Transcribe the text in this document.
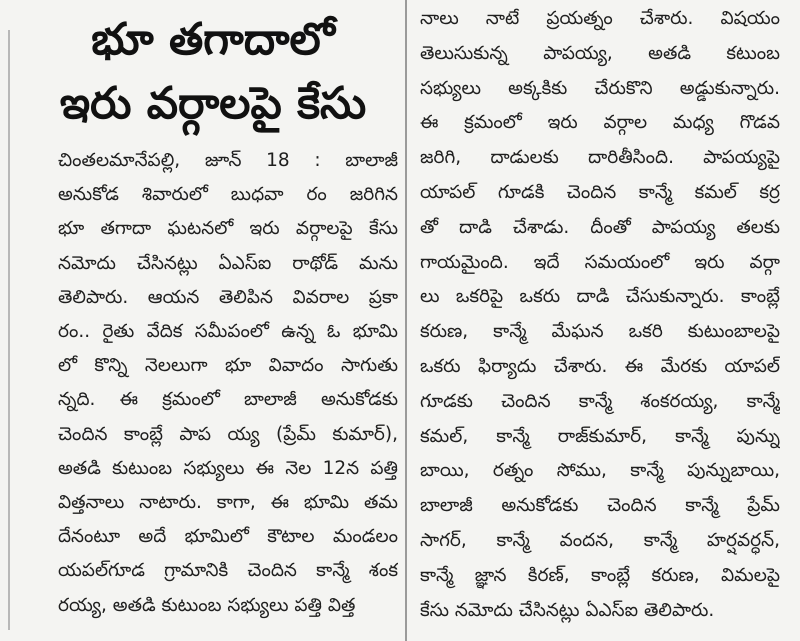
భూ తగాదాలో
ఇరు వర్గాలపై కేసు
చింతలమానేపల్లి, జూన్ 18 : బాలాజీ
అనుకోడ శివారులో బుధవా రం జరిగిన
భూ తగాదా ఘటనలో ఇరు వర్గాలపై కేసు
నమోదు చేసినట్లు ఏఎస్ఐ రాథోడ్ మను
తెలిపారు. ఆయన తెలిపిన వివరాల ప్రకా
రం.. రైతు వేదిక సమీపంలో ఉన్న ఓ భూమి
లో కొన్ని నెలలుగా భూ వివాదం సాగుతు
న్నది. ఈ క్రమంలో బాలాజీ అనుకోడకు
చెందిన కాంబ్లే పాప య్య (ప్రేమ్ కుమార్),
అతడి కుటుంబ సభ్యులు ఈ నెల 12న పత్తి
విత్తనాలు నాటారు. కాగా, ఈ భూమి తమ
దేనంటూ అదే భూమిలో కౌటాల మండలం
యపల్‌గూడ గ్రామానికి చెందిన కాన్మే శంక
రయ్య, అతడి కుటుంబ సభ్యులు పత్తి విత్త
నాలు నాటే ప్రయత్నం చేశారు. విషయం
తెలుసుకున్న పాపయ్య, అతడి కటుంబ
సభ్యులు అక్కకికు చేరుకొని అడ్డుకున్నారు.
ఈ క్రమంలో ఇరు వర్గాల మధ్య గొడవ
జరిగి, దాడులకు దారితీసింది. పాపయ్యపై
యాపల్ గూడకి చెందిన కాన్మే కమల్ కర్ర
తో దాడి చేశాడు. దీంతో పాపయ్య తలకు
గాయమైంది. ఇదే సమయంలో ఇరు వర్గా
లు ఒకరిపై ఒకరు దాడి చేసుకున్నారు. కాంబ్లే
కరుణ, కాన్మే మేఘన ఒకరి కుటుంబాలపై
ఒకరు ఫిర్యాదు చేశారు. ఈ మేరకు యాపల్
గూడకు చెందిన కాన్మే శంకరయ్య, కాన్మే
కమల్, కాన్మే రాజ్‌కుమార్, కాన్మే పున్ను
బాయి, రత్నం సోము, కాన్మే పున్నుబాయి,
బాలాజీ అనుకోడకు చెందిన కాన్మే ప్రేమ్
సాగర్, కాన్మే వందన, కాన్మే హర్షవర్ధన్,
కాన్మే జ్ఞాన కిరణ్, కాంబ్లే కరుణ, విమలపై
కేసు నమోదు చేసినట్లు ఏఎస్ఐ తెలిపారు.
